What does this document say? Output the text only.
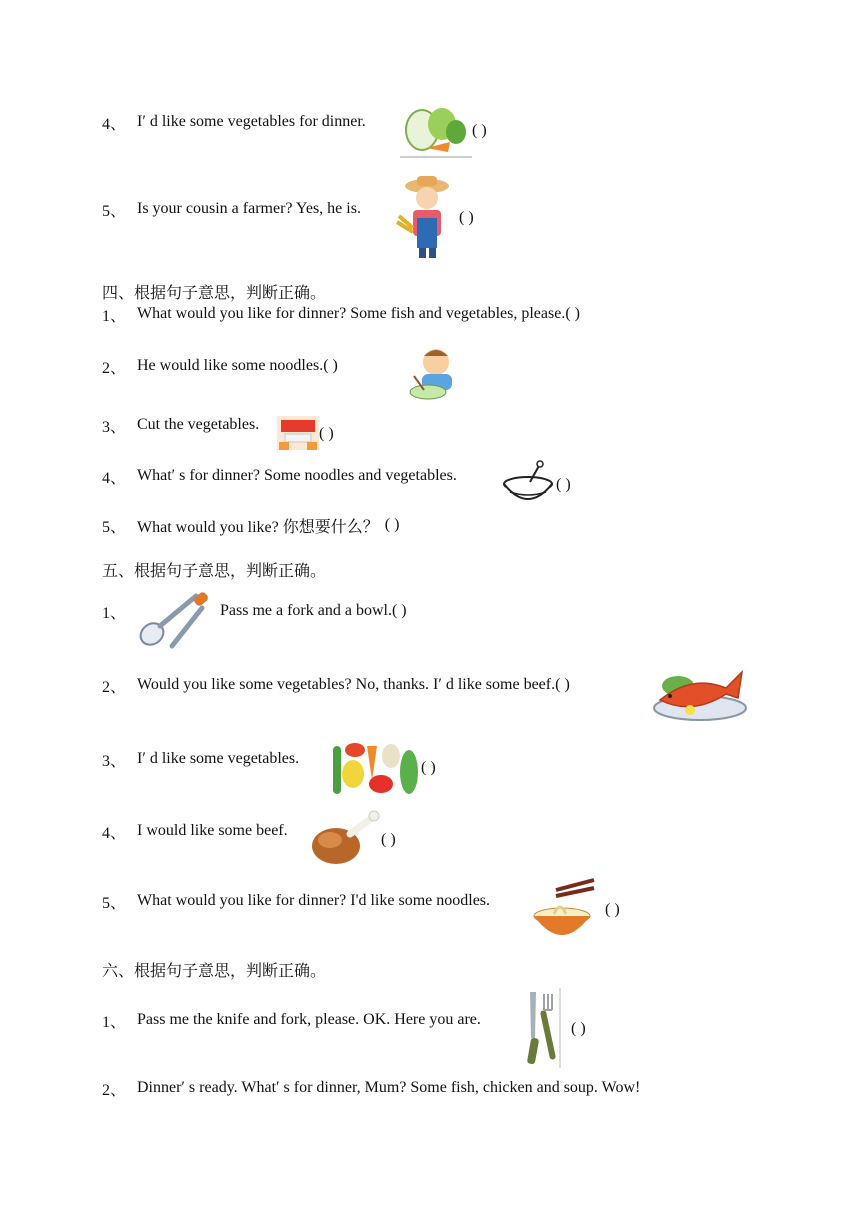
4、 I′ d like some vegetables for dinner.
( )
5、 Is your cousin a farmer? Yes, he is.
( )
四、根据句子意思，判断正确。
1、 What would you like for dinner? Some fish and vegetables, please. ( )
2、 He would like some noodles. ( )
3、 Cut the vegetables.
( )
4、 What′ s for dinner? Some noodles and vegetables.
( )
5、 What would you like? 你想要什么？ ( )
五、根据句子意思，判断正确。
1、	Pass me a fork and a bowl. ( )
2、 Would you like some vegetables? No, thanks. I′ d like some beef. ( )
3、 I′ d like some vegetables.
( )
4、 I would like some beef.
( )
5、 What would you like for dinner? I'd like some noodles.
( )
六、根据句子意思，判断正确。
1、 Pass me the knife and fork, please. OK. Here you are.
( )
2、 Dinner′ s ready. What′ s for dinner, Mum? Some fish, chicken and soup. Wow!
